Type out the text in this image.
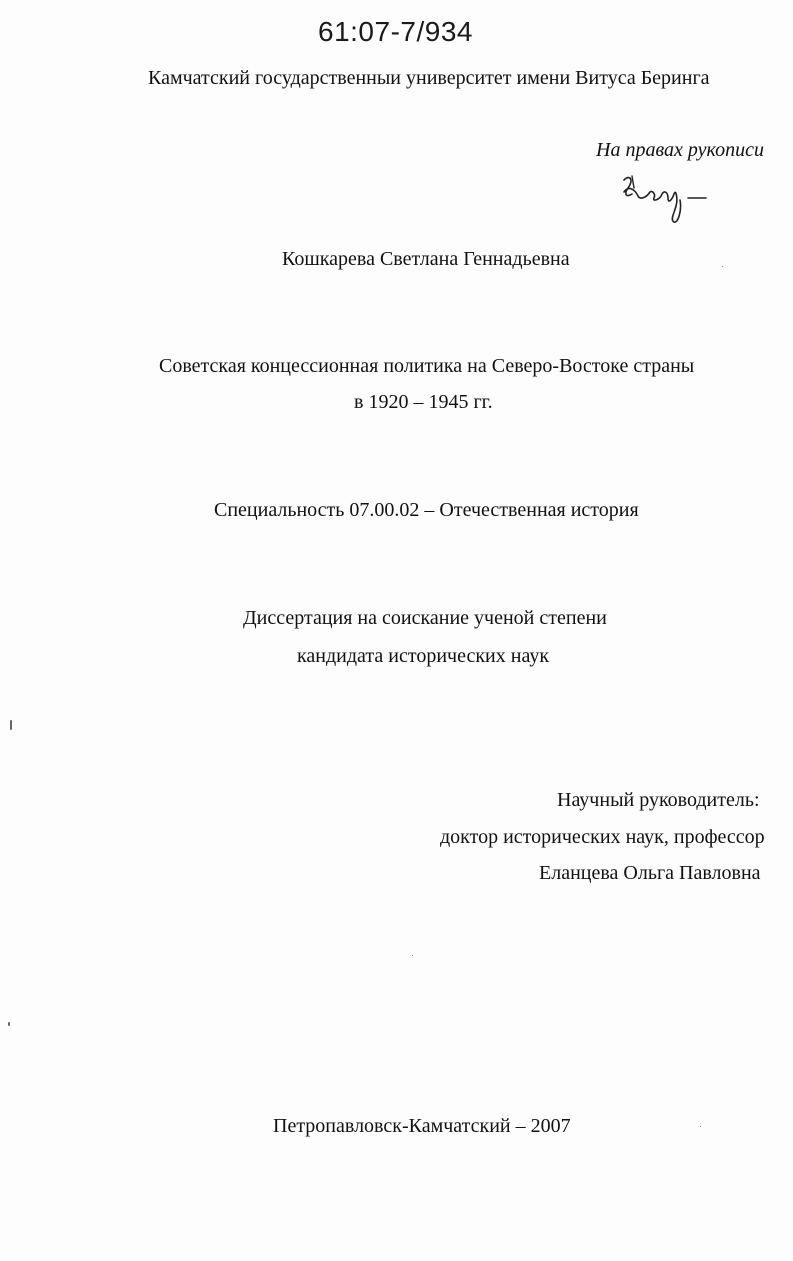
61:07-7/934
Камчатский государственныи университет имени Витуса Беринга
На правах рукописи
Кошкарева Светлана Геннадьевна
Советская концессионная политика на Северо-Востоке страны
в 1920 – 1945 гг.
Специальность 07.00.02 – Отечественная история
Диссертация на соискание ученой степени
кандидата исторических наук
Научный руководитель:
доктор исторических наук, профессор
Еланцева Ольга Павловна
Петропавловск-Камчатский – 2007
